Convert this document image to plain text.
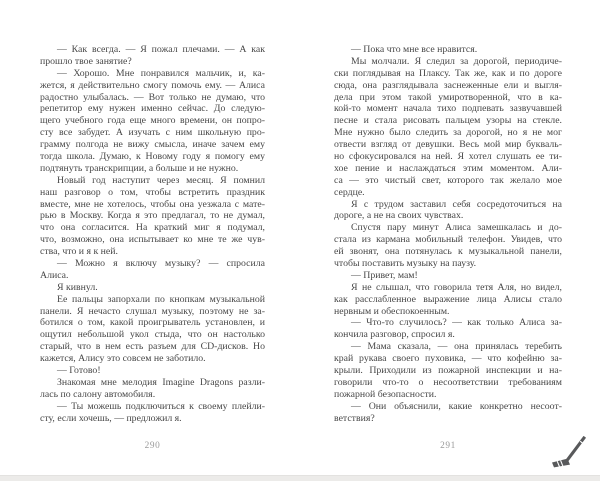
— Как всегда. — Я пожал плечами. — А как
прошло твое занятие?
— Хорошо. Мне понравился мальчик, и, ка-
жется, я действительно смогу помочь ему. — Алиса
радостно улыбалась. — Вот только не думаю, что
репетитор ему нужен именно сейчас. До следую-
щего учебного года еще много времени, он попро-
сту все забудет. А изучать с ним школьную про-
грамму полгода не вижу смысла, иначе зачем ему
тогда школа. Думаю, к Новому году я помогу ему
подтянуть транскрипции, а больше и не нужно.
Новый год наступит через месяц. Я помнил
наш разговор о том, чтобы встретить праздник
вместе, мне не хотелось, чтобы она уезжала с мате-
рью в Москву. Когда я это предлагал, то не думал,
что она согласится. На краткий миг я подумал,
что, возможно, она испытывает ко мне те же чув-
ства, что и я к ней.
— Можно я включу музыку? — спросила
Алиса.
Я кивнул.
Ее пальцы запорхали по кнопкам музыкальной
панели. Я нечасто слушал музыку, поэтому не за-
ботился о том, какой проигрыватель установлен, и
ощутил небольшой укол стыда, что он настолько
старый, что в нем есть разъем для CD-дисков. Но
кажется, Алису это совсем не заботило.
— Готово!
Знакомая мне мелодия Imagine Dragons разли-
лась по салону автомобиля.
— Ты можешь подключиться к своему плейли-
сту, если хочешь, — предложил я.
— Пока что мне все нравится.
Мы молчали. Я следил за дорогой, периодиче-
ски поглядывая на Плаксу. Так же, как и по дороге
сюда, она разглядывала заснеженные ели и выгля-
дела при этом такой умиротворенной, что в ка-
кой-то момент начала тихо подпевать зазвучавшей
песне и стала рисовать пальцем узоры на стекле.
Мне нужно было следить за дорогой, но я не мог
отвести взгляд от девушки. Весь мой мир букваль-
но сфокусировался на ней. Я хотел слушать ее ти-
хое пение и наслаждаться этим моментом. Али-
са — это чистый свет, которого так желало мое
сердце.
Я с трудом заставил себя сосредоточиться на
дороге, а не на своих чувствах.
Спустя пару минут Алиса замешкалась и до-
стала из кармана мобильный телефон. Увидев, что
ей звонят, она потянулась к музыкальной панели,
чтобы поставить музыку на паузу.
— Привет, мам!
Я не слышал, что говорила тетя Аля, но видел,
как расслабленное выражение лица Алисы стало
нервным и обеспокоенным.
— Что-то случилось? — как только Алиса за-
кончила разговор, спросил я.
— Мама сказала, — она принялась теребить
край рукава своего пуховика, — что кофейню за-
крыли. Приходили из пожарной инспекции и на-
говорили что-то о несоответствии требованиям
пожарной безопасности.
— Они объяснили, какие конкретно несоот-
ветствия?
290	291
